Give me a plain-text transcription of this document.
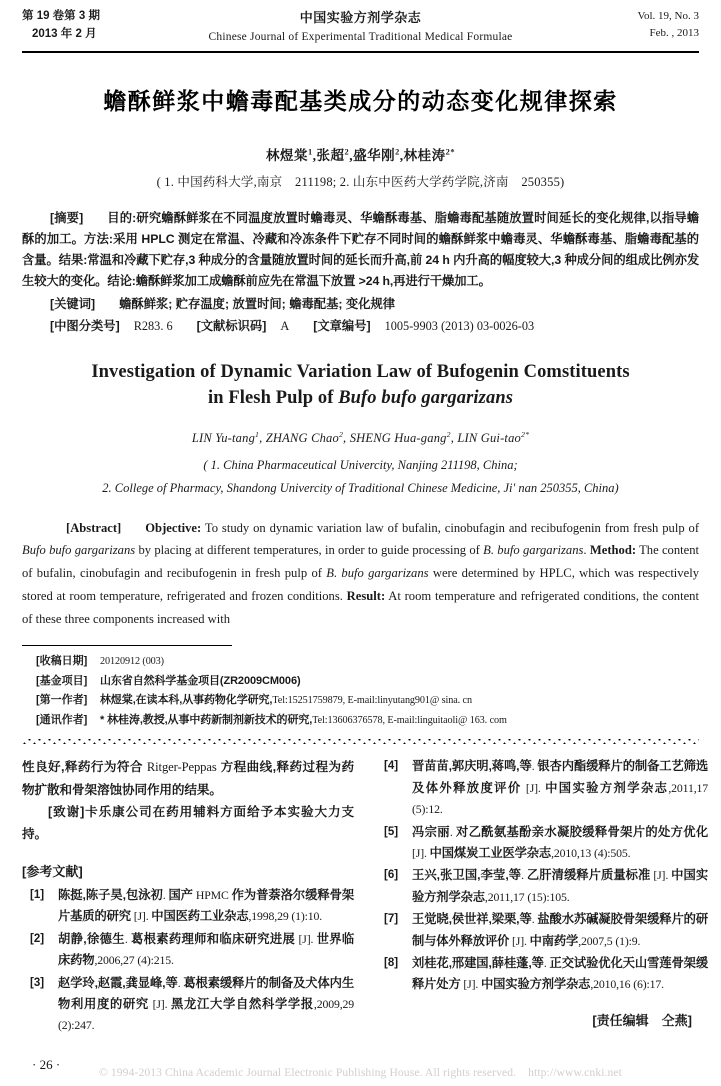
第 19 卷第 3 期
2013 年 2 月
中国实验方剂学杂志
Chinese Journal of Experimental Traditional Medical Formulae
Vol. 19, No. 3
Feb. , 2013
蟾酥鲜浆中蟾毒配基类成分的动态变化规律探索
林煜棠$^1$,张超$^2$,盛华刚$^2$,林桂涛$^{2*}$
( 1. 中国药科大学,南京　211198; 2. 山东中医药大学药学院,济南　250355)
[摘要] 目的:研究蟾酥鲜浆在不同温度放置时蟾毒灵、华蟾酥毒基、脂蟾毒配基随放置时间延长的变化规律,以指导蟾酥的加工。方法:采用 HPLC 测定在常温、冷藏和冷冻条件下贮存不同时间的蟾酥鲜浆中蟾毒灵、华蟾酥毒基、脂蟾毒配基的含量。结果:常温和冷藏下贮存,3 种成分的含量随放置时间的延长而升高,前 24 h 内升高的幅度较大,3 种成分间的组成比例亦发生较大的变化。结论:蟾酥鲜浆加工成蟾酥前应先在常温下放置 >24 h,再进行干燥加工。
[关键词] 蟾酥鲜浆; 贮存温度; 放置时间; 蟾毒配基; 变化规律
[中图分类号] R283. 6 [文献标识码] A [文章编号] 1005-9903 (2013) 03-0026-03
Investigation of Dynamic Variation Law of Bufogenin Comstituents
in Flesh Pulp of Bufo bufo gargarizans
LIN Yu-tang$^1$, ZHANG Chao$^2$, SHENG Hua-gang$^2$, LIN Gui-tao$^{2*}$
( 1. China Pharmaceutical Univercity, Nanjing 211198, China;
2. College of Pharmacy, Shandong Univercity of Traditional Chinese Medicine, Ji' nan 250355, China)
[Abstract] Objective: To study on dynamic variation law of bufalin, cinobufagin and recibufogenin from fresh pulp of Bufo bufo gargarizans by placing at different temperatures, in order to guide processing of B. bufo gargarizans. Method: The content of bufalin, cinobufagin and recibufogenin in fresh pulp of B. bufo gargarizans were determined by HPLC, which was respectively stored at room temperature, refrigerated and frozen conditions. Result: At room temperature and refrigerated conditions, the content of these three components increased with
[收稿日期]	20120912 (003)
[基金项目]	山东省自然科学基金项目(ZR2009CM006)
[第一作者]	林煜棠,在读本科,从事药物化学研究,Tel:15251759879, E-mail:linyutang901@ sina. cn
[通讯作者]	* 林桂涛,教授,从事中药新制剂新技术的研究,Tel:13606376578, E-mail:linguitaoli@ 163. com
性良好,释药行为符合 Ritger-Peppas 方程曲线,释药过程为药物扩散和骨架溶蚀协同作用的结果。
[致谢]卡乐康公司在药用辅料方面给予本实验大力支持。
[参考文献]
[1]	陈挺,陈子昊,包泳初. 国产 HPMC 作为普萘洛尔缓释骨架片基质的研究 [J]. 中国医药工业杂志,1998,29 (1):10.
[2]	胡静,徐德生. 葛根素药理师和临床研究进展 [J]. 世界临床药物,2006,27 (4):215.
[3]	赵学玲,赵霞,龚显峰,等. 葛根素缓释片的制备及犬体内生物利用度的研究 [J]. 黑龙江大学自然科学学报,2009,29 (2):247.
· 26 ·
[4]	晋苗苗,郭庆明,蒋鸣,等. 银杏内酯缓释片的制备工艺筛选及体外释放度评价 [J]. 中国实验方剂学杂志,2011,17 (5):12.
[5]	冯宗丽. 对乙酰氨基酚亲水凝胶缓释骨架片的处方优化 [J]. 中国煤炭工业医学杂志,2010,13 (4):505.
[6]	王兴,张卫国,李莹,等. 乙肝清缓释片质量标准 [J]. 中国实验方剂学杂志,2011,17 (15):105.
[7]	王觉晓,侯世祥,梁栗,等. 盐酸水苏碱凝胶骨架缓释片的研制与体外释放评价 [J]. 中南药学,2007,5 (1):9.
[8]	刘桂花,邢建国,薛桂蓬,等. 正交试验优化天山雪莲骨架缓释片处方 [J]. 中国实验方剂学杂志,2010,16 (6):17.
[责任编辑　仝燕]
© 1994-2013 China Academic Journal Electronic Publishing House. All rights reserved. http://www.cnki.net
